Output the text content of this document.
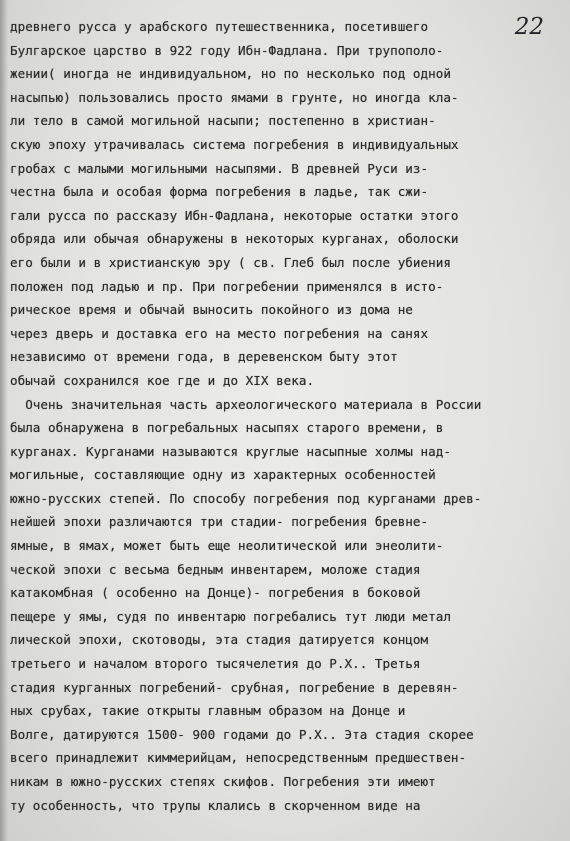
22
древнего русса у арабского путешественника, посетившего
Булгарское царство в 922 году Ибн-Фадлана. При трупополо-
жении( иногда не индивидуальном, но по несколько под одной
насыпью) пользовались просто ямами в грунте, но иногда кла-
ли тело в самой могильной насыпи; постепенно в христиан-
скую эпоху утрачивалась система погребения в индивидуальных
гробах с малыми могильными насыпями. В древней Руси из-
честна была и особая форма погребения в ладье, так сжи-
гали русса по рассказу Ибн-Фадлана, некоторые остатки этого
обряда или обычая обнаружены в некоторых курганах, оболоски
его были и в христианскую эру ( св. Глеб был после убиения
положен под ладью и пр. При погребении применялся в исто-
рическое время и обычай выносить покойного из дома не
через дверь и доставка его на место погребения на санях
независимо от времени года, в деревенском быту этот
обычай сохранился кое где и до XIX века.
Очень значительная часть археологического материала в России
была обнаружена в погребальных насыпях старого времени, в
курганах. Курганами называются круглые насыпные холмы над-
могильные, составляющие одну из характерных особенностей
южно-русских степей. По способу погребения под курганами древ-
нейшей эпохи различаются три стадии- погребения бревне-
ямные, в ямах, может быть еще неолитической или энеолити-
ческой эпохи с весьма бедным инвентарем, моложе стадия
катакомбная ( особенно на Донце)- погребения в боковой
пещере у ямы, судя по инвентарю погребались тут люди метал
лической эпохи, скотоводы, эта стадия датируется концом
третьего и началом второго тысячелетия до Р.Х.. Третья
стадия курганных погребений- срубная, погребение в деревян-
ных срубах, такие открыты главным образом на Донце и
Волге, датируются 1500- 900 годами до Р.Х.. Эта стадия скорее
всего принадлежит киммерийцам, непосредственным предшествен-
никам в южно-русских степях скифов. Погребения эти имеют
ту особенность, что трупы клались в скорченном виде на
